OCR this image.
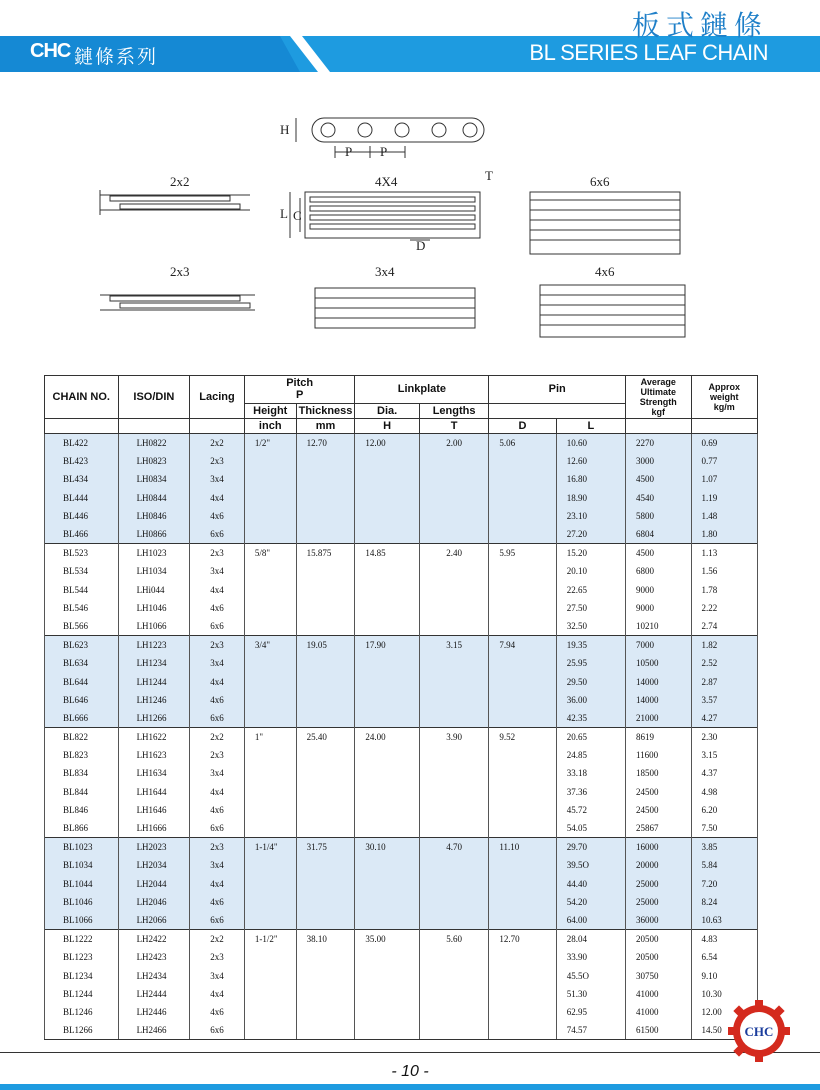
CHC 鏈條系列
板式鏈條
BL SERIES LEAF CHAIN
H
P P
2x2	4X4	6x6
T
L C
D
2x3	3x4	4x6
CHAIN NO.	ISO/DIN	Lacing	Pitch
P		Linkplate		Pin		Average Ultimate Strength
kgf	Approx weight
kg/m
			Height	Thickness	Dia.	Lengths				
			inch	mm	H	T	D	L		
BL422	LH0822	2x2	1/2"	12.70	12.00	2.00	5.06	10.60	2270	0.69
BL423	LH0823	2x3						12.60	3000	0.77
BL434	LH0834	3x4						16.80	4500	1.07
BL444	LH0844	4x4						18.90	4540	1.19
BL446	LH0846	4x6						23.10	5800	1.48
BL466	LH0866	6x6						27.20	6804	1.80
BL523	LH1023	2x3	5/8"	15.875	14.85	2.40	5.95	15.20	4500	1.13
BL534	LH1034	3x4						20.10	6800	1.56
BL544	LHi044	4x4						22.65	9000	1.78
BL546	LH1046	4x6						27.50	9000	2.22
BL566	LH1066	6x6						32.50	10210	2.74
BL623	LH1223	2x3	3/4"	19.05	17.90	3.15	7.94	19.35	7000	1.82
BL634	LH1234	3x4						25.95	10500	2.52
BL644	LH1244	4x4						29.50	14000	2.87
BL646	LH1246	4x6						36.00	14000	3.57
BL666	LH1266	6x6						42.35	21000	4.27
BL822	LH1622	2x2	1"	25.40	24.00	3.90	9.52	20.65	8619	2.30
BL823	LH1623	2x3						24.85	11600	3.15
BL834	LH1634	3x4						33.18	18500	4.37
BL844	LH1644	4x4						37.36	24500	4.98
BL846	LH1646	4x6						45.72	24500	6.20
BL866	LH1666	6x6						54.05	25867	7.50
BL1023	LH2023	2x3	1-1/4"	31.75	30.10	4.70	11.10	29.70	16000	3.85
BL1034	LH2034	3x4						39.5O	20000	5.84
BL1044	LH2044	4x4						44.40	25000	7.20
BL1046	LH2046	4x6						54.20	25000	8.24
BL1066	LH2066	6x6						64.00	36000	10.63
BL1222	LH2422	2x2	1-1/2"	38.10	35.00	5.60	12.70	28.04	20500	4.83
BL1223	LH2423	2x3						33.90	20500	6.54
BL1234	LH2434	3x4						45.5O	30750	9.10
BL1244	LH2444	4x4						51.30	41000	10.30
BL1246	LH2446	4x6						62.95	41000	12.00
BL1266	LH2466	6x6						74.57	61500	14.50
- 10 -
CHC
